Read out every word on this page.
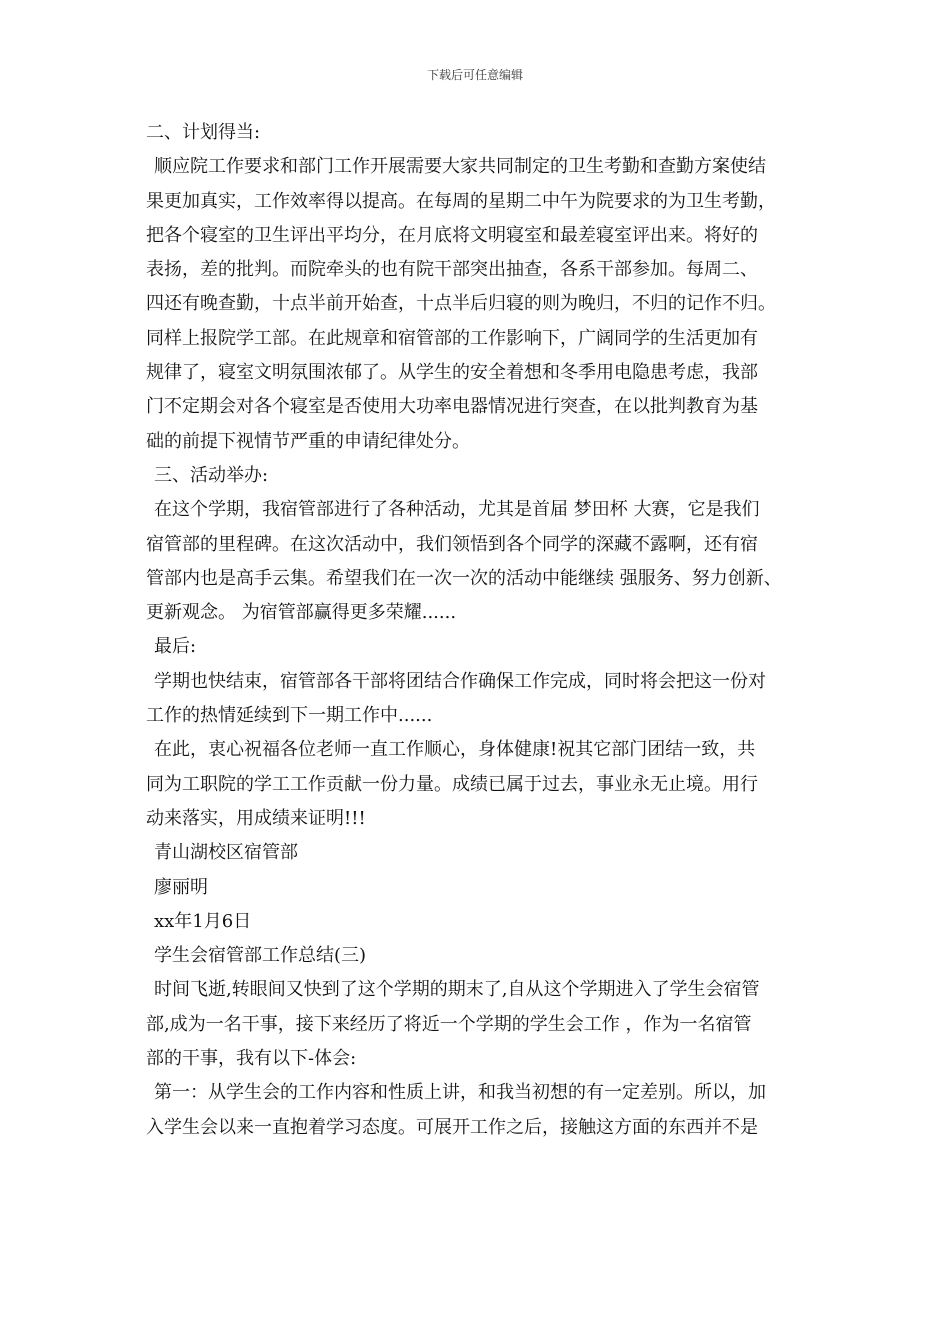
下载后可任意编辑
二、计划得当:
顺应院工作要求和部门工作开展需要大家共同制定的卫生考勤和查勤方案使结
果更加真实，工作效率得以提高。在每周的星期二中午为院要求的为卫生考勤，
把各个寝室的卫生评出平均分，在月底将文明寝室和最差寝室评出来。将好的
表扬，差的批判。而院牵头的也有院干部突出抽查，各系干部参加。每周二、
四还有晚查勤，十点半前开始查，十点半后归寝的则为晚归，不归的记作不归。
同样上报院学工部。在此规章和宿管部的工作影响下，广阔同学的生活更加有
规律了，寝室文明氛围浓郁了。从学生的安全着想和冬季用电隐患考虑，我部
门不定期会对各个寝室是否使用大功率电器情况进行突查，在以批判教育为基
础的前提下视情节严重的申请纪律处分。
三、活动举办:
在这个学期，我宿管部进行了各种活动，尤其是首届 梦田杯 大赛，它是我们
宿管部的里程碑。在这次活动中，我们领悟到各个同学的深藏不露啊，还有宿
管部内也是高手云集。希望我们在一次一次的活动中能继续 强服务、努力创新、
更新观念。 为宿管部赢得更多荣耀......
最后:
学期也快结束，宿管部各干部将团结合作确保工作完成，同时将会把这一份对
工作的热情延续到下一期工作中......
在此，衷心祝福各位老师一直工作顺心，身体健康!祝其它部门团结一致，共
同为工职院的学工工作贡献一份力量。成绩已属于过去，事业永无止境。用行
动来落实，用成绩来证明!!!
青山湖校区宿管部
廖丽明
xx年1月6日
学生会宿管部工作总结(三)
时间飞逝,转眼间又快到了这个学期的期末了,自从这个学期进入了学生会宿管
部,成为一名干事，接下来经历了将近一个学期的学生会工作 ，作为一名宿管
部的干事，我有以下-体会:
第一：从学生会的工作内容和性质上讲，和我当初想的有一定差别。所以，加
入学生会以来一直抱着学习态度。可展开工作之后，接触这方面的东西并不是
